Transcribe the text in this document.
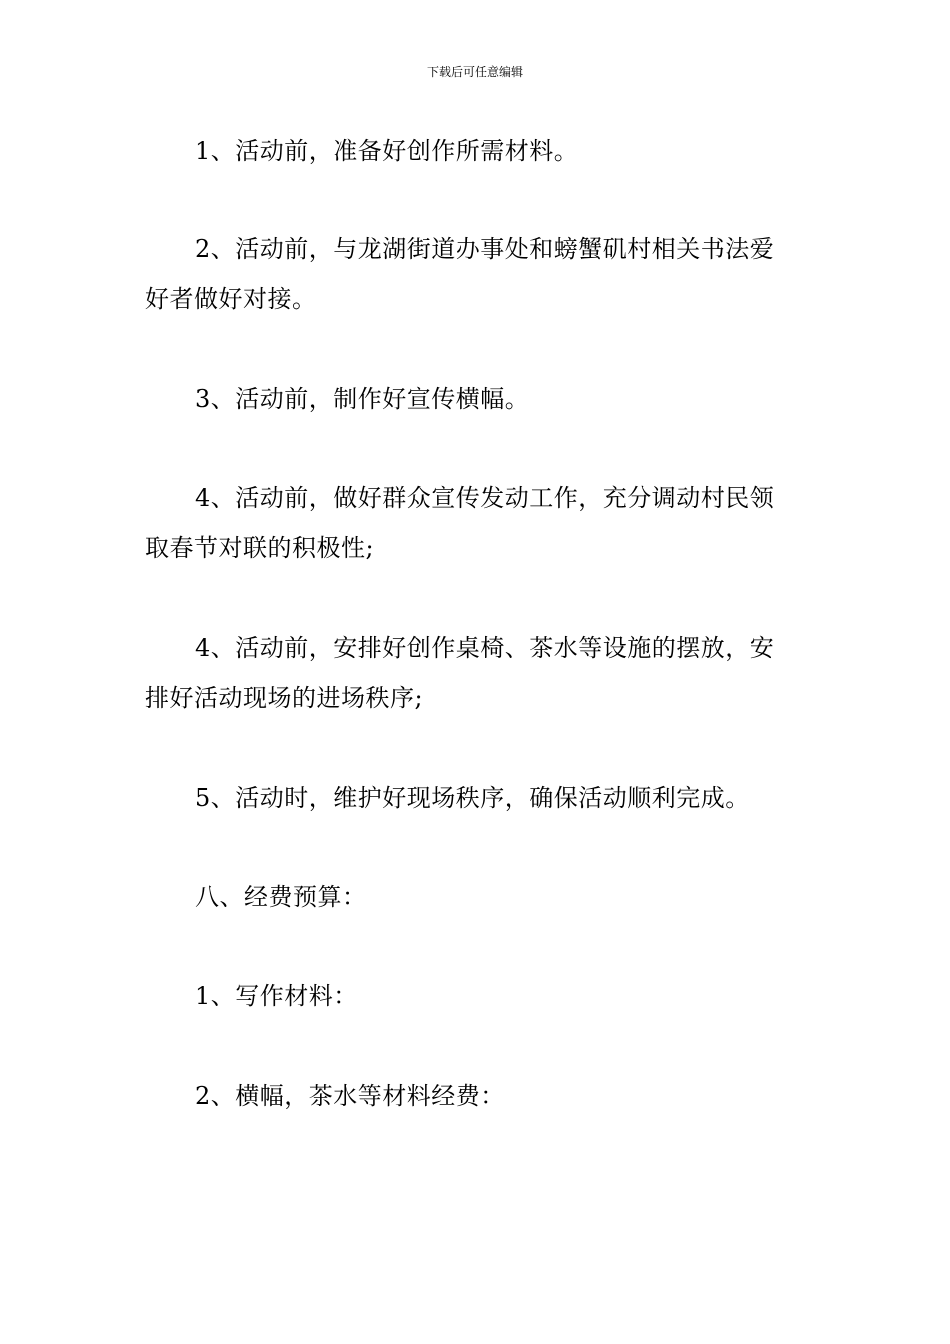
下载后可任意编辑
1、活动前，准备好创作所需材料。
2、活动前，与龙湖街道办事处和螃蟹矶村相关书法爱
好者做好对接。
3、活动前，制作好宣传横幅。
4、活动前，做好群众宣传发动工作，充分调动村民领
取春节对联的积极性;
4、活动前，安排好创作桌椅、茶水等设施的摆放，安
排好活动现场的进场秩序;
5、活动时，维护好现场秩序，确保活动顺利完成。
八、经费预算：
1、写作材料：
2、横幅，茶水等材料经费：
